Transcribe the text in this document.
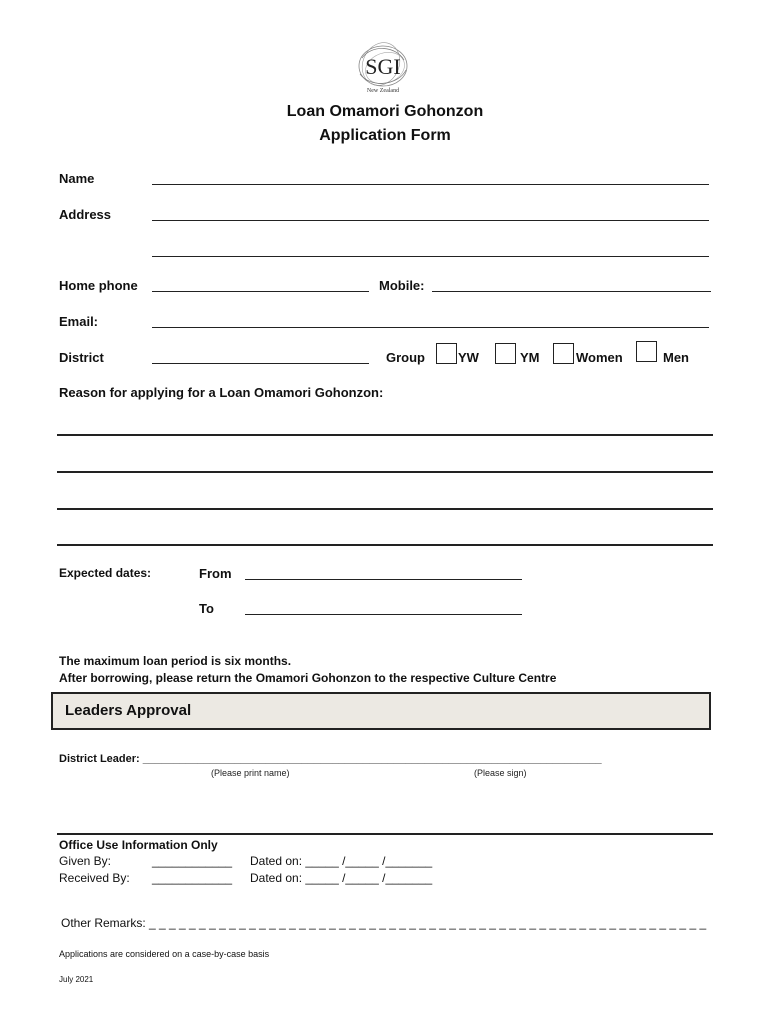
SGI
New Zealand
Loan Omamori Gohonzon
Application Form
Name
Address
Home phone	Mobile:
Email:
District	Group	YW	YM	Women	Men
Reason for applying for a Loan Omamori Gohonzon:
Expected dates:	From
To
The maximum loan period is six months.
After borrowing, please return the Omamori Gohonzon to the respective Culture Centre
Leaders Approval
District Leader: ___________________________________________________________________________
(Please print name)	(Please sign)
Office Use Information Only
Given By:	____________ Dated on: _____ /_____ /_______
Received By: ____________ Dated on: _____ /_____ /_______
Other Remarks: _ _ _ _ _ _ _ _ _ _ _ _ _ _ _ _ _ _ _ _ _ _ _ _ _ _ _ _ _ _ _ _ _ _ _ _ _ _ _ _ _ _ _ _ _ _ _ _ _ _ _ _ _ _ _ _
Applications are considered on a case-by-case basis
July 2021
